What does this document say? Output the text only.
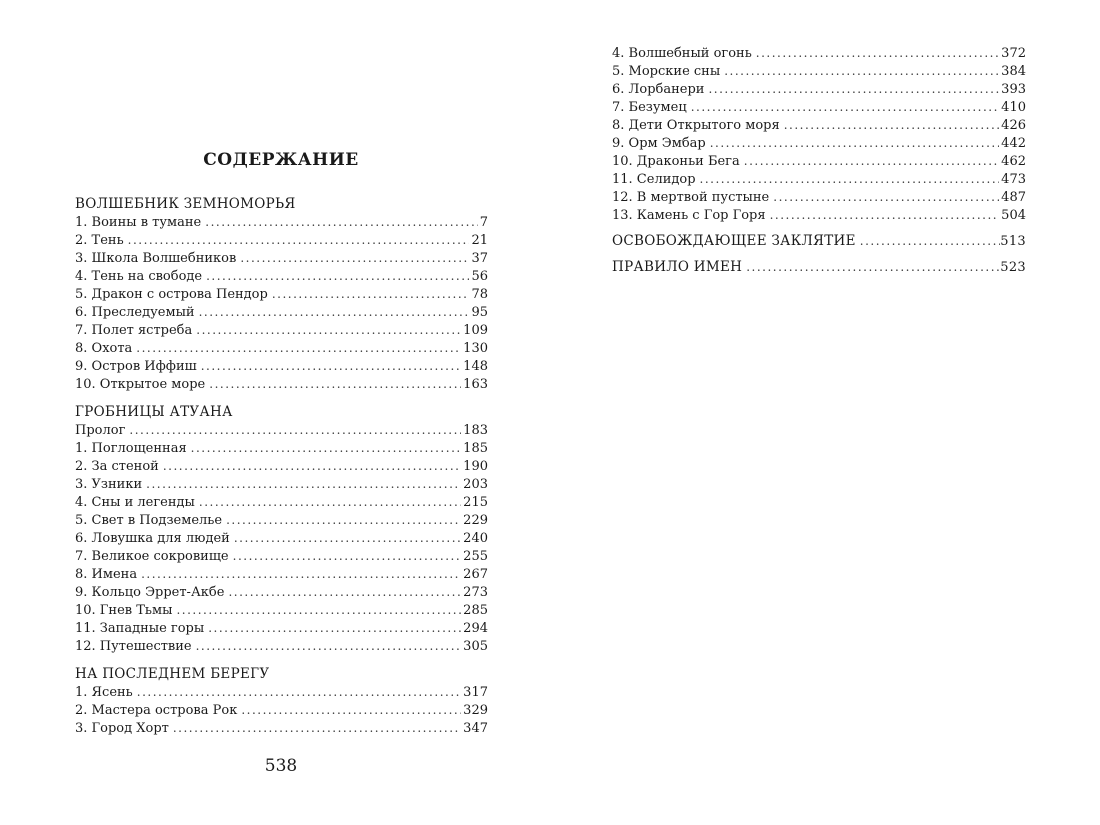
СОДЕРЖАНИЕ
ВОЛШЕБНИК ЗЕМНОМОРЬЯ
1. Воины в тумане .....	7
2. Тень .....	21
3. Школа Волшебников .....	37
4. Тень на свободе .....	56
5. Дракон с острова Пендор .....	78
6. Преследуемый .....	95
7. Полет ястреба .....	109
8. Охота .....	130
9. Остров Иффиш .....	148
10. Открытое море .....	163
ГРОБНИЦЫ АТУАНА
Пролог .....	183
1. Поглощенная .....	185
2. За стеной .....	190
3. Узники .....	203
4. Сны и легенды .....	215
5. Свет в Подземелье .....	229
6. Ловушка для людей .....	240
7. Великое сокровище .....	255
8. Имена .....	267
9. Кольцо Эррет-Акбе .....	273
10. Гнев Тьмы .....	285
11. Западные горы .....	294
12. Путешествие .....	305
НА ПОСЛЕДНЕМ БЕРЕГУ
1. Ясень .....	317
2. Мастера острова Рок .....	329
3. Город Хорт .....	347
538
4. Волшебный огонь .....	372
5. Морские сны .....	384
6. Лорбанери .....	393
7. Безумец .....	410
8. Дети Открытого моря .....	426
9. Орм Эмбар .....	442
10. Драконьи Бега .....	462
11. Селидор .....	473
12. В мертвой пустыне .....	487
13. Камень с Гор Горя .....	504
ОСВОБОЖДАЮЩЕЕ ЗАКЛЯТИЕ .....	513
ПРАВИЛО ИМЕН .....	523
